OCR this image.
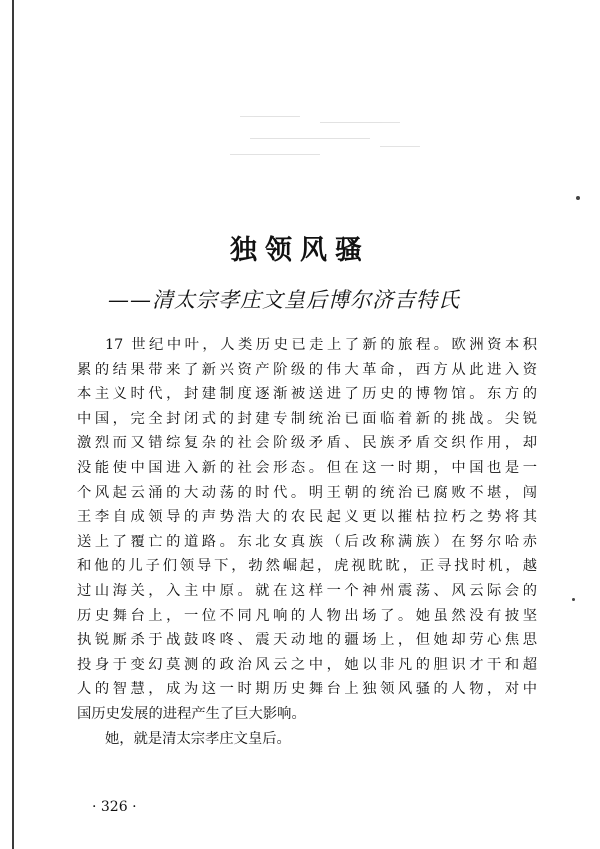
独领风骚

——清太宗孝庄文皇后博尔济吉特氏

17 世纪中叶，人类历史已走上了新的旅程。欧洲资本积
累的结果带来了新兴资产阶级的伟大革命，西方从此进入资
本主义时代，封建制度逐渐被送进了历史的博物馆。东方的
中国，完全封闭式的封建专制统治已面临着新的挑战。尖锐
激烈而又错综复杂的社会阶级矛盾、民族矛盾交织作用，却
没能使中国进入新的社会形态。但在这一时期，中国也是一
个风起云涌的大动荡的时代。明王朝的统治已腐败不堪，闯
王李自成领导的声势浩大的农民起义更以摧枯拉朽之势将其
送上了覆亡的道路。东北女真族（后改称满族）在努尔哈赤
和他的儿子们领导下，勃然崛起，虎视眈眈，正寻找时机，越
过山海关，入主中原。就在这样一个神州震荡、风云际会的
历史舞台上，一位不同凡响的人物出场了。她虽然没有披坚
执锐厮杀于战鼓咚咚、震天动地的疆场上，但她却劳心焦思
投身于变幻莫测的政治风云之中，她以非凡的胆识才干和超
人的智慧，成为这一时期历史舞台上独领风骚的人物，对中
国历史发展的进程产生了巨大影响。
她，就是清太宗孝庄文皇后。

· 326 ·
